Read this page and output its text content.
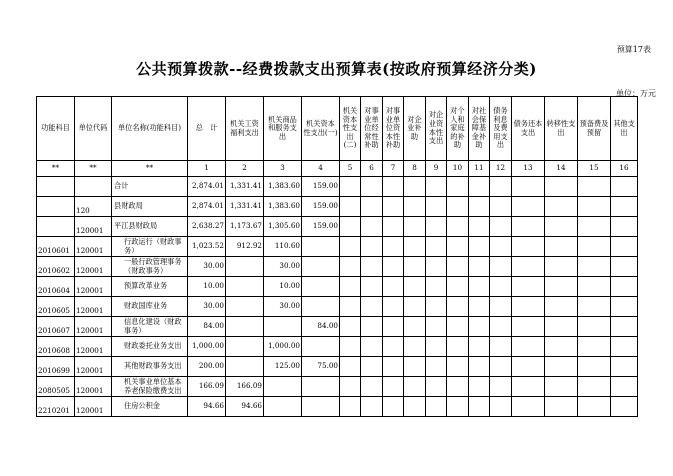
预算17表
公共预算拨款--经费拨款支出预算表(按政府预算经济分类)
单位：万元
功能科目	单位代码	单位名称(功能科目)	总　计	机关工资福利支出	机关商品和服务支出	机关资本性支出(一)	机关资本性支出(二)	对事业单位经常性补助	对事业单位资本性补助	对企业补助	对企业资本性支出	对个人和家庭的补助	对社会保障基金补助	债务利息及费用支出	债务还本支出	转移性支出	预备费及预留	其他支出
**	**	**	1	2	3	4	5	6	7	8	9	10	11	12	13	14	15	16
		合计	2,874.01	1,331.41	1,383.60	159.00												
	120	县财政局	2,874.01	1,331.41	1,383.60	159.00												
	120001	平江县财政局	2,638.27	1,173.67	1,305.60	159.00												
2010601	120001	行政运行（财政事务）	1,023.52	912.92	110.60													
2010602	120001	一般行政管理事务（财政事务）	30.00		30.00													
2010604	120001	预算改革业务	10.00		10.00													
2010605	120001	财政国库业务	30.00		30.00													
2010607	120001	信息化建设（财政事务）	84.00			84.00												
2010608	120001	财政委托业务支出	1,000.00		1,000.00													
2010699	120001	其他财政事务支出	200.00		125.00	75.00												
2080505	120001	机关事业单位基本养老保险缴费支出	166.09	166.09														
2210201	120001	住房公积金	94.66	94.66														
